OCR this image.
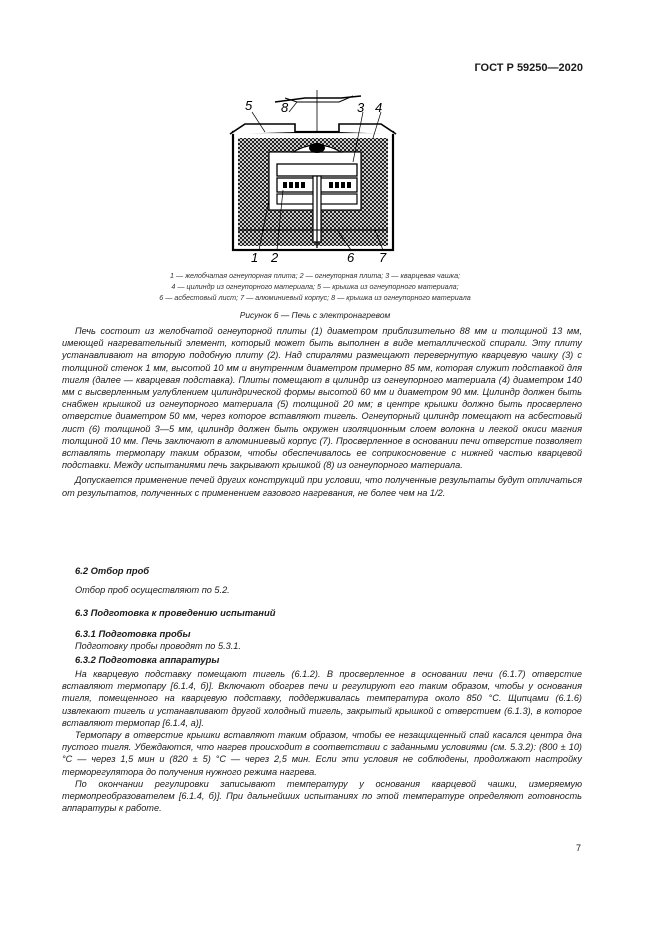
ГОСТ Р 59250—2020
5 8	3 4
1 2	6 7
1 — желобчатая огнеупорная плита; 2 — огнеупорная плита; 3 — кварцевая чашка;
4 — цилиндр из огнеупорного материала; 5 — крышка из огнеупорного материала;
6 — асбестовый лист; 7 — алюминиевый корпус; 8 — крышка из огнеупорного материала
Рисунок 6 — Печь с электронагревом

Печь состоит из желобчатой огнеупорной плиты (1) диаметром приблизительно 88 мм и толщиной 13 мм, имеющей нагревательный элемент, который может быть выполнен в виде металлической спирали. Эту плиту устанавливают на вторую подобную плиту (2). Над спиралями размещают перевернутую кварцевую чашку (3) с толщиной стенок 1 мм, высотой 10 мм и внутренним диаметром примерно 85 мм, которая служит подставкой для тигля (далее — кварцевая подставка). Плиты помещают в цилиндр из огнеупорного материала (4) диаметром 140 мм с высверленным углублением цилиндрической формы высотой 60 мм и диаметром 90 мм. Цилиндр должен быть снабжен крышкой из огнеупорного материала (5) толщиной 20 мм; в центре крышки должно быть просверлено отверстие диаметром 50 мм, через которое вставляют тигель. Огнеупорный цилиндр помещают на асбестовый лист (6) толщиной 3—5 мм, цилиндр должен быть окружен изоляционным слоем волокна и легкой окиси магния толщиной 10 мм. Печь заключают в алюминиевый корпус (7). Просверленное в основании печи отверстие позволяет вставлять термопару таким образом, чтобы обеспечивалось ее соприкосновение с нижней частью кварцевой подставки. Между испытаниями печь закрывают крышкой (8) из огнеупорного материала.

Допускается применение печей других конструкций при условии, что полученные результаты будут отличаться от результатов, полученных с применением газового нагревания, не более чем на 1/2.

6.2 Отбор проб
Отбор проб осуществляют по 5.2.
6.3 Подготовка к проведению испытаний
6.3.1 Подготовка пробы
Подготовку пробы проводят по 5.3.1.
6.3.2 Подготовка аппаратуры

На кварцевую подставку помещают тигель (6.1.2). В просверленное в основании печи (6.1.7) отверстие вставляют термопару [6.1.4, б)]. Включают обогрев печи и регулируют его таким образом, чтобы у основания тигля, помещенного на кварцевую подставку, поддерживалась температура около 850 °С. Щипцами (6.1.6) извлекают тигель и устанавливают другой холодный тигель, закрытый крышкой с отверстием (6.1.3), в которое вставляют термопар [6.1.4, а)].

Термопару в отверстие крышки вставляют таким образом, чтобы ее незащищенный спай касался центра дна пустого тигля. Убеждаются, что нагрев происходит в соответствии с заданными условиями (см. 5.3.2): (800 ± 10) °С — через 1,5 мин и (820 ± 5) °С — через 2,5 мин. Если эти условия не соблюдены, продолжают настройку терморегулятора до получения нужного режима нагрева.

По окончании регулировки записывают температуру у основания кварцевой чашки, измеряемую термопреобразователем [6.1.4, б)]. При дальнейших испытаниях по этой температуре определяют готовность аппаратуры к работе.

7
